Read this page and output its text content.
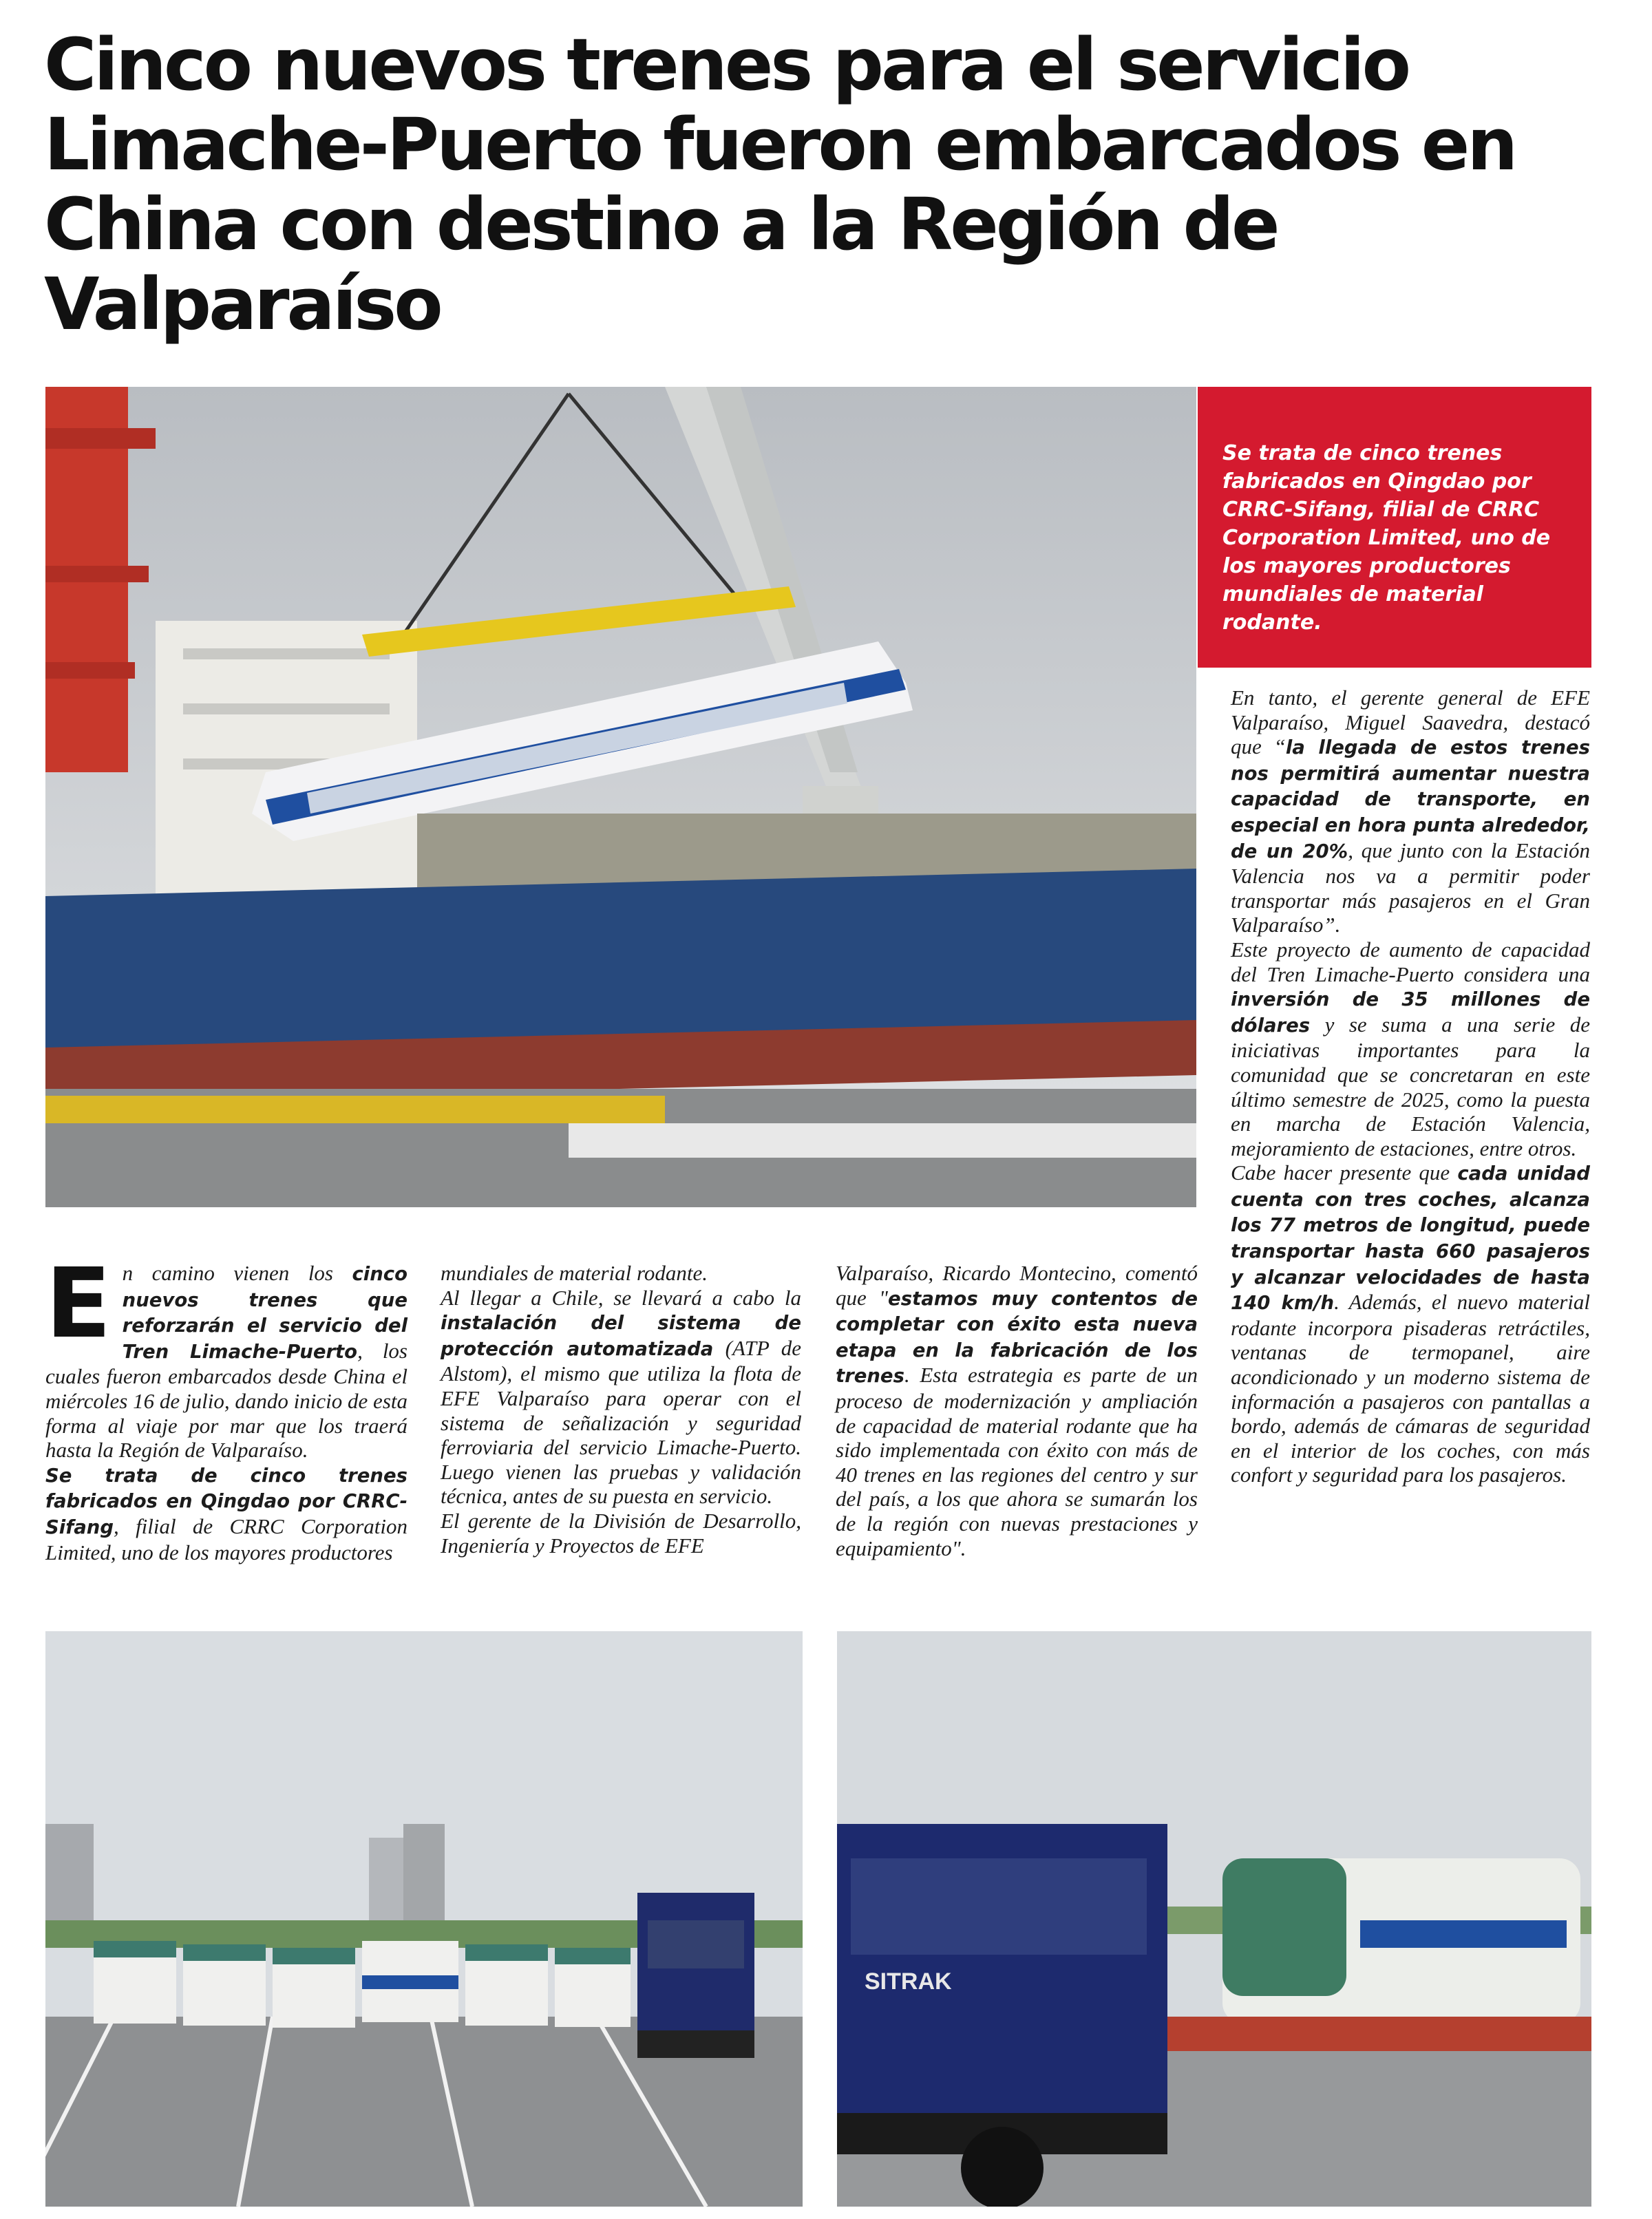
Cinco nuevos trenes para el servicio Limache-Puerto fueron embarcados en China con destino a la Región de Valparaíso

Se trata de cinco trenes fabricados en Qingdao por CRRC-Sifang, filial de CRRC Corporation Limited, uno de los mayores productores mundiales de material rodante.

En tanto, el gerente general de EFE Valparaíso, Miguel Saavedra, destacó que “la llegada de estos trenes nos permitirá aumentar nuestra capacidad de transporte, en especial en hora punta alrededor, de un 20%, que junto con la Estación Valencia nos va a permitir poder transportar más pasajeros en el Gran Valparaíso”.

Este proyecto de aumento de capacidad del Tren Limache-Puerto considera una inversión de 35 millones de dólares y se suma a una serie de iniciativas importantes para la comunidad que se concretaran en este último semestre de 2025, como la puesta en marcha de Estación Valencia, mejoramiento de estaciones, entre otros.

Cabe hacer presente que cada unidad cuenta con tres coches, alcanza los 77 metros de longitud, puede transportar hasta 660 pasajeros y alcanzar velocidades de hasta 140 km/h. Además, el nuevo material rodante incorpora pisaderas retráctiles, ventanas de termopanel, aire acondicionado y un moderno sistema de información a pasajeros con pantallas a bordo, además de cámaras de seguridad en el interior de los coches, con más confort y seguridad para los pasajeros.

En camino vienen los cinco nuevos trenes que reforzarán el servicio del Tren Limache-Puerto, los cuales fueron embarcados desde China el miércoles 16 de julio, dando inicio de esta forma al viaje por mar que los traerá hasta la Región de Valparaíso.

Se trata de cinco trenes fabricados en Qingdao por CRRC-Sifang, filial de CRRC Corporation Limited, uno de los mayores productores

mundiales de material rodante.

Al llegar a Chile, se llevará a cabo la instalación del sistema de protección automatizada (ATP de Alstom), el mismo que utiliza la flota de EFE Valparaíso para operar con el sistema de señalización y seguridad ferroviaria del servicio Limache-Puerto. Luego vienen las pruebas y validación técnica, antes de su puesta en servicio.

El gerente de la División de Desarrollo, Ingeniería y Proyectos de EFE

Valparaíso, Ricardo Montecino, comentó que "estamos muy contentos de completar con éxito esta nueva etapa en la fabricación de los trenes. Esta estrategia es parte de un proceso de modernización y ampliación de capacidad de material rodante que ha sido implementada con éxito con más de 40 trenes en las regiones del centro y sur del país, a los que ahora se sumarán los de la región con nuevas prestaciones y equipamiento".

SITRAK
